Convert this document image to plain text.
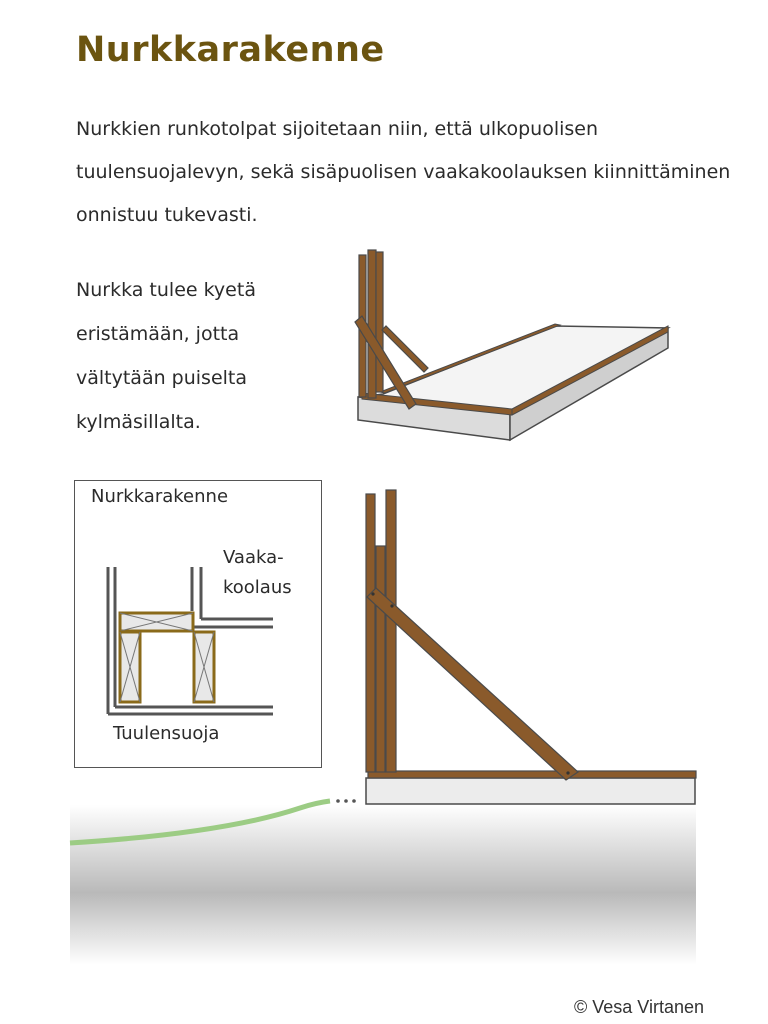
Nurkkarakenne

Nurkkien runkotolpat sijoitetaan niin, että ulkopuolisen tuulensuojalevyn, sekä sisäpuolisen vaakakoolauksen kiinnittäminen onnistuu tukevasti.

Nurkka tulee kyetä eristämään, jotta vältytään puiselta kylmäsillalta.

Nurkkarakenne
Vaaka-
koolaus
Tuulensuoja
© Vesa Virtanen
